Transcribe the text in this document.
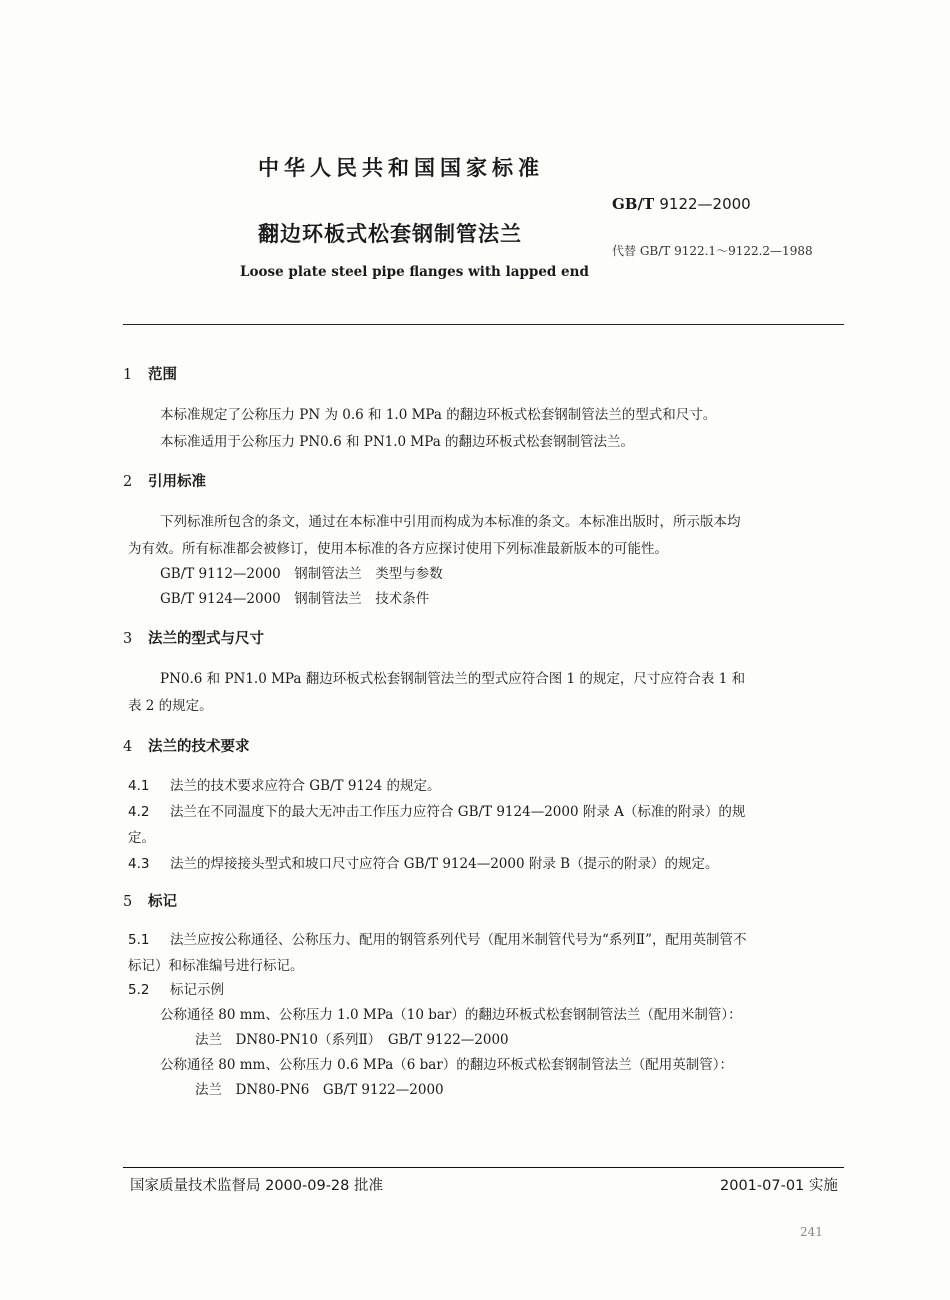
中华人民共和国国家标准
GB/T 9122—2000
翻边环板式松套钢制管法兰
代替 GB/T 9122.1～9122.2—1988
Loose plate steel pipe flanges with lapped end
1 范围
本标准规定了公称压力 PN 为 0.6 和 1.0 MPa 的翻边环板式松套钢制管法兰的型式和尺寸。
本标准适用于公称压力 PN0.6 和 PN1.0 MPa 的翻边环板式松套钢制管法兰。
2 引用标准
下列标准所包含的条文，通过在本标准中引用而构成为本标准的条文。本标准出版时，所示版本均
为有效。所有标准都会被修订，使用本标准的各方应探讨使用下列标准最新版本的可能性。
GB/T 9112—2000　钢制管法兰　类型与参数
GB/T 9124—2000　钢制管法兰　技术条件
3 法兰的型式与尺寸
PN0.6 和 PN1.0 MPa 翻边环板式松套钢制管法兰的型式应符合图 1 的规定，尺寸应符合表 1 和
表 2 的规定。
4 法兰的技术要求
4.1 法兰的技术要求应符合 GB/T 9124 的规定。
4.2 法兰在不同温度下的最大无冲击工作压力应符合 GB/T 9124—2000 附录 A（标准的附录）的规
定。
4.3 法兰的焊接接头型式和坡口尺寸应符合 GB/T 9124—2000 附录 B（提示的附录）的规定。
5 标记
5.1 法兰应按公称通径、公称压力、配用的钢管系列代号（配用米制管代号为“系列Ⅱ”，配用英制管不
标记）和标准编号进行标记。
5.2 标记示例
公称通径 80 mm、公称压力 1.0 MPa（10 bar）的翻边环板式松套钢制管法兰（配用米制管）：
法兰　DN80-PN10（系列Ⅱ）　GB/T 9122—2000
公称通径 80 mm、公称压力 0.6 MPa（6 bar）的翻边环板式松套钢制管法兰（配用英制管）：
法兰　DN80-PN6　GB/T 9122—2000
国家质量技术监督局 2000-09-28 批准	2001-07-01 实施
241
